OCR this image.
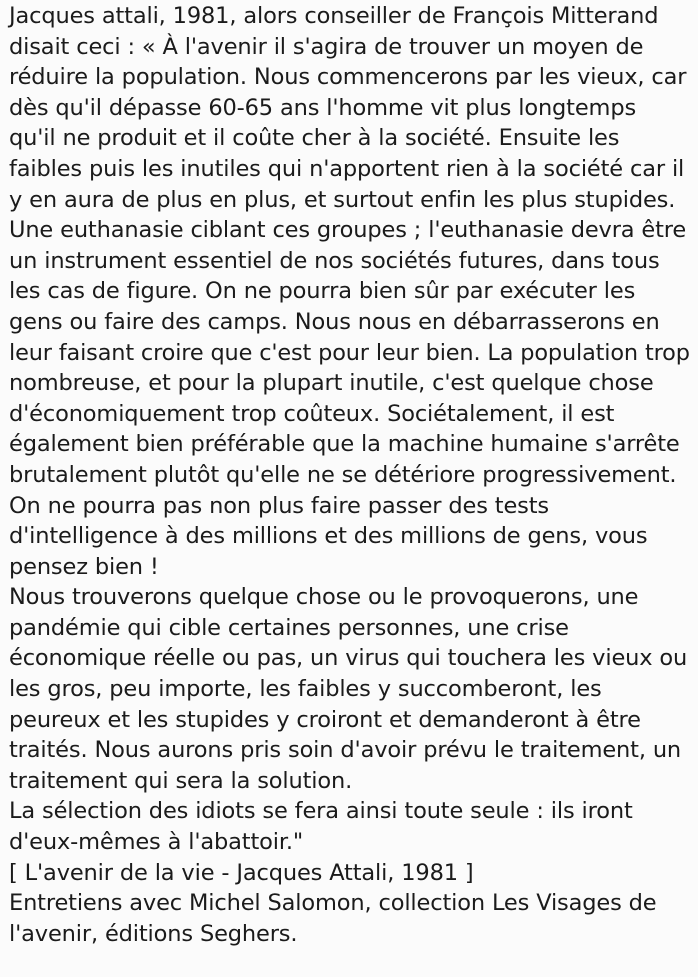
Jacques attali, 1981, alors conseiller de François Mitterand
disait ceci : « À l'avenir il s'agira de trouver un moyen de
réduire la population. Nous commencerons par les vieux, car
dès qu'il dépasse 60-65 ans l'homme vit plus longtemps
qu'il ne produit et il coûte cher à la société. Ensuite les
faibles puis les inutiles qui n'apportent rien à la société car il
y en aura de plus en plus, et surtout enfin les plus stupides.
Une euthanasie ciblant ces groupes ; l'euthanasie devra être
un instrument essentiel de nos sociétés futures, dans tous
les cas de figure. On ne pourra bien sûr par exécuter les
gens ou faire des camps. Nous nous en débarrasserons en
leur faisant croire que c'est pour leur bien. La population trop
nombreuse, et pour la plupart inutile, c'est quelque chose
d'économiquement trop coûteux. Sociétalement, il est
également bien préférable que la machine humaine s'arrête
brutalement plutôt qu'elle ne se détériore progressivement.
On ne pourra pas non plus faire passer des tests
d'intelligence à des millions et des millions de gens, vous
pensez bien !
Nous trouverons quelque chose ou le provoquerons, une
pandémie qui cible certaines personnes, une crise
économique réelle ou pas, un virus qui touchera les vieux ou
les gros, peu importe, les faibles y succomberont, les
peureux et les stupides y croiront et demanderont à être
traités. Nous aurons pris soin d'avoir prévu le traitement, un
traitement qui sera la solution.
La sélection des idiots se fera ainsi toute seule : ils iront
d'eux-mêmes à l'abattoir."
[ L'avenir de la vie - Jacques Attali, 1981 ]
Entretiens avec Michel Salomon, collection Les Visages de
l'avenir, éditions Seghers.
